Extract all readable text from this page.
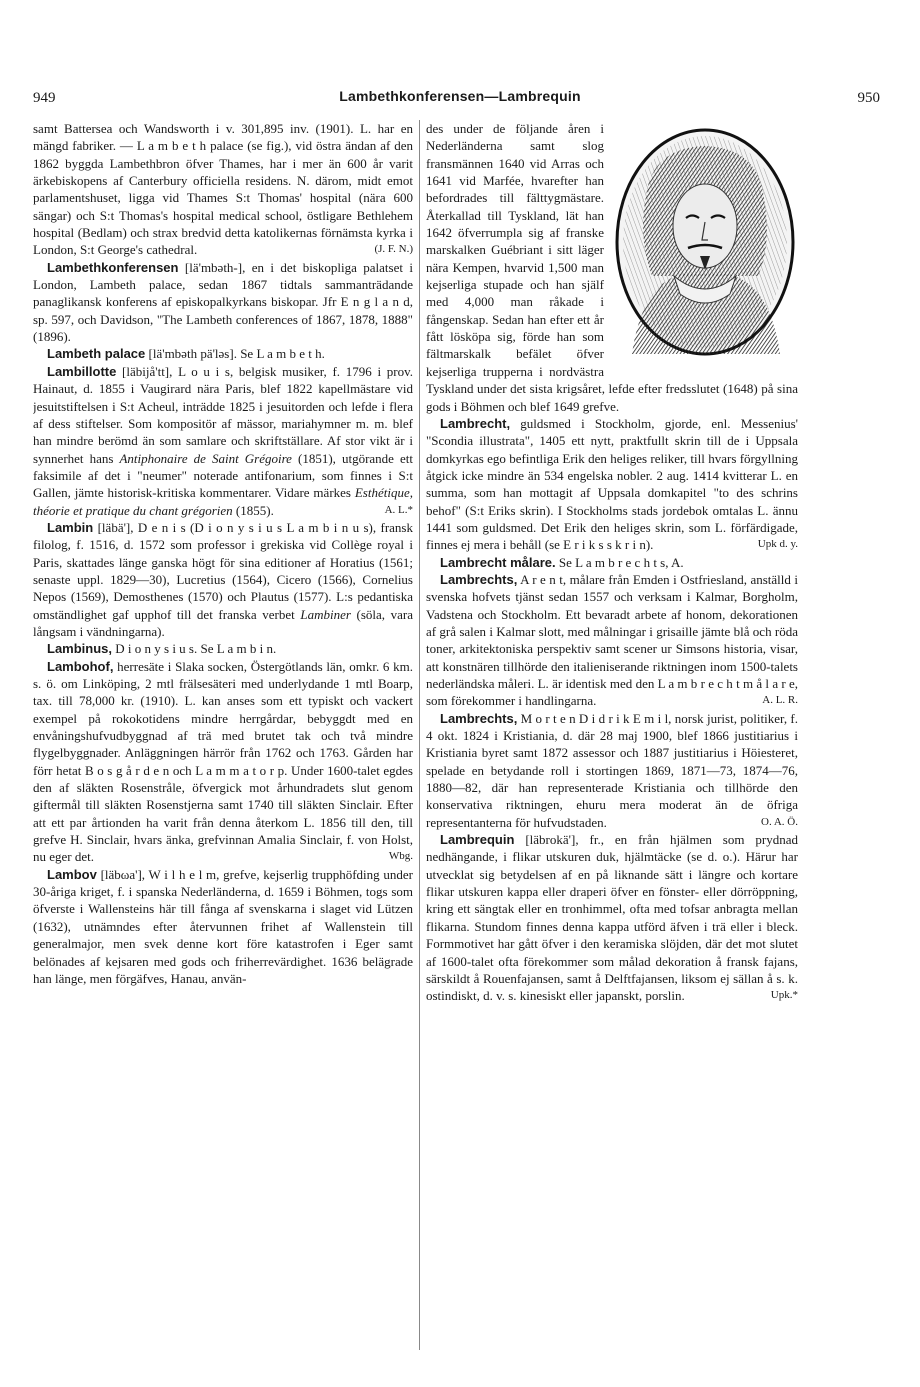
949	Lambethkonferensen—Lambrequin	950

samt Battersea och Wandsworth i v. 301,895 inv. (1901). L. har en mängd fabriker. — L a m b e t h palace (se fig.), vid östra ändan af den 1862 byggda Lambethbron öfver Thames, har i mer än 600 år varit ärkebiskopens af Canterbury officiella residens. N. därom, midt emot parlamentshuset, ligga vid Thames S:t Thomas' hospital (nära 600 sängar) och S:t Thomas's hospital medical school, östligare Bethlehem hospital (Bedlam) och strax bredvid detta katolikernas förnämsta kyrka i London, S:t George's cathedral.	(J. F. N.)

Lambethkonferensen [lä'mbəth-], en i det biskopliga palatset i London, Lambeth palace, sedan 1867 tidtals sammanträdande panaglikansk konferens af episkopalkyrkans biskopar. Jfr E n g l a n d, sp. 597, och Davidson, "The Lambeth conferences of 1867, 1878, 1888" (1896).

Lambeth palace [lä'mbəth pä'ləs]. Se L a m b e t h.

Lambillotte [läbijå'tt], L o u i s, belgisk musiker, f. 1796 i prov. Hainaut, d. 1855 i Vaugirard nära Paris, blef 1822 kapellmästare vid jesuitstiftelsen i S:t Acheul, inträdde 1825 i jesuitorden och lefde i flera af dess stiftelser. Som kompositör af mässor, mariahymner m. m. blef han mindre berömd än som samlare och skriftställare. Af stor vikt är i synnerhet hans Antiphonaire de Saint Grégoire (1851), utgörande ett faksimile af det i "neumer" noterade antifonarium, som finnes i S:t Gallen, jämte historisk-kritiska kommentarer. Vidare märkes Esthétique, théorie et pratique du chant grégorien (1855).	A. L.*

Lambin [läbä'], D e n i s (D i o n y s i u s L a m b i n u s), fransk filolog, f. 1516, d. 1572 som professor i grekiska vid Collège royal i Paris, skattades länge ganska högt för sina editioner af Horatius (1561; senaste uppl. 1829—30), Lucretius (1564), Cicero (1566), Cornelius Nepos (1569), Demosthenes (1570) och Plautus (1577). L:s pedantiska omständlighet gaf upphof till det franska verbet Lambiner (söla, vara långsam i vändningarna).

Lambinus, D i o n y s i u s. Se L a m b i n.

Lambohof, herresäte i Slaka socken, Östergötlands län, omkr. 6 km. s. ö. om Linköping, 2 mtl frälsesäteri med underlydande 1 mtl Boarp, tax. till 78,000 kr. (1910). L. kan anses som ett typiskt och vackert exempel på rokokotidens mindre herrgårdar, bebyggdt med en envåningshufvudbyggnad af trä med brutet tak och två mindre flygelbyggnader. Anläggningen härrör från 1762 och 1763. Gården har förr hetat B o s g å r d e n och L a m m a t o r p. Under 1600-talet egdes den af släkten Rosenstråle, öfvergick mot århundradets slut genom giftermål till släkten Rosenstjerna samt 1740 till släkten Sinclair. Efter att ett par årtionden ha varit från denna återkom L. 1856 till den, till grefve H. Sinclair, hvars änka, grefvinnan Amalia Sinclair, f. von Holst, nu eger det.	Wbg.

Lambov [läbωa'], W i l h e l m, grefve, kejserlig trupphöfding under 30-åriga kriget, f. i spanska Nederländerna, d. 1659 i Böhmen, togs som öfverste i Wallensteins här till fånga af svenskarna i slaget vid Lützen (1632), utnämndes efter återvunnen frihet af Wallenstein till generalmajor, men svek denne kort före katastrofen i Eger samt belönades af kejsaren med gods och friherrevärdighet. 1636 belägrade han länge, men förgäfves, Hanau, använ-

des under de följande åren i Nederländerna samt slog fransmännen 1640 vid Arras och 1641 vid Marfée, hvarefter han befordrades till fälttygmästare. Återkallad till Tyskland, lät han 1642 öfverrumpla sig af franske marskalken Guébriant i sitt läger nära Kempen, hvarvid 1,500 man kejserliga stupade och han själf med 4,000 man råkade i fångenskap. Sedan han efter ett år fått lösköpa sig, förde han som fältmarskalk befälet öfver kejserliga trupperna i nordvästra Tyskland under det sista krigsåret, lefde efter fredsslutet (1648) på sina gods i Böhmen och blef 1649 grefve.

Lambrecht, guldsmed i Stockholm, gjorde, enl. Messenius' "Scondia illustrata", 1405 ett nytt, praktfullt skrin till de i Uppsala domkyrkas ego befintliga Erik den heliges reliker, till hvars förgyllning åtgick icke mindre än 534 engelska nobler. 2 aug. 1414 kvitterar L. en summa, som han mottagit af Uppsala domkapitel "to des schrins behof" (S:t Eriks skrin). I Stockholms stads jordebok omtalas L. ännu 1441 som guldsmed. Det Erik den heliges skrin, som L. förfärdigade, finnes ej mera i behåll (se E r i k s s k r i n).	Upk d. y.

Lambrecht målare. Se L a m b r e c h t s, A.

Lambrechts, A r e n t, målare från Emden i Ostfriesland, anställd i svenska hofvets tjänst sedan 1557 och verksam i Kalmar, Borgholm, Vadstena och Stockholm. Ett bevaradt arbete af honom, dekorationen af grå salen i Kalmar slott, med målningar i grisaille jämte blå och röda toner, arkitektoniska perspektiv samt scener ur Simsons historia, visar, att konstnären tillhörde den italieniserande riktningen inom 1500-talets nederländska måleri. L. är identisk med den L a m b r e c h t m å l a r e, som förekommer i handlingarna.	A. L. R.

Lambrechts, M o r t e n D i d r i k E m i l, norsk jurist, politiker, f. 4 okt. 1824 i Kristiania, d. där 28 maj 1900, blef 1866 justitiarius i Kristiania byret samt 1872 assessor och 1887 justitiarius i Höiesteret, spelade en betydande roll i stortingen 1869, 1871—73, 1874—76, 1880—82, där han representerade Kristiania och tillhörde den konservativa riktningen, ehuru mera moderat än de öfriga representanterna för hufvudstaden.	O. A. Ö.

Lambrequin [läbrokä'], fr., en från hjälmen som prydnad nedhängande, i flikar utskuren duk, hjälmtäcke (se d. o.). Härur har utvecklat sig betydelsen af en på liknande sätt i längre och kortare flikar utskuren kappa eller draperi öfver en fönster- eller dörröppning, kring ett sängtak eller en tronhimmel, ofta med tofsar anbragta mellan flikarna. Stundom finnes denna kappa utförd äfven i trä eller i bleck. Formmotivet har gått öfver i den keramiska slöjden, där det mot slutet af 1600-talet ofta förekommer som målad dekoration å fransk fajans, särskildt å Rouenfajansen, samt å Delftfajansen, liksom ej sällan å s. k. ostindiskt, d. v. s. kinesiskt eller japanskt, porslin.	Upk.*
